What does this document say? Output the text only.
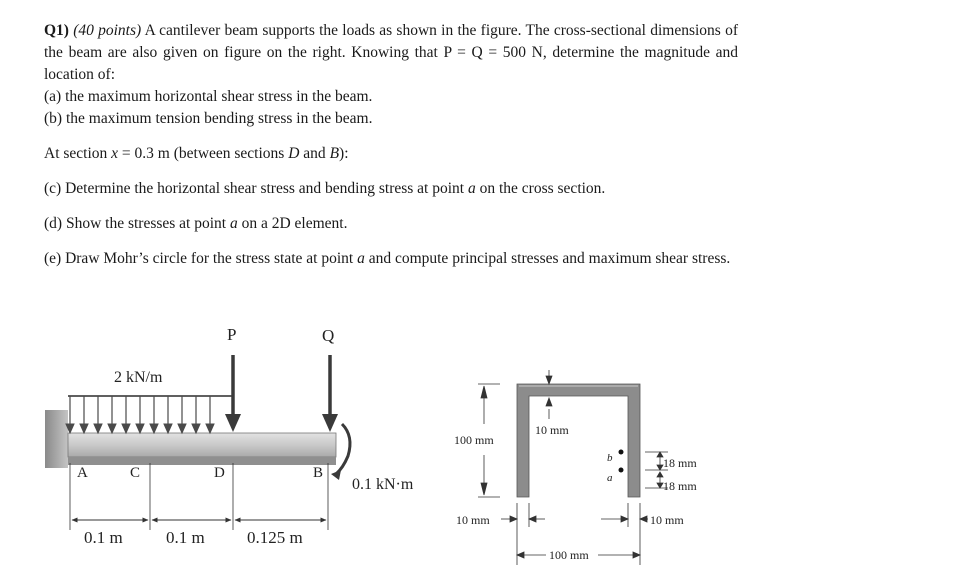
Q1) (40 points) A cantilever beam supports the loads as shown in the figure. The cross-sectional dimensions of the beam are also given on figure on the right. Knowing that P = Q = 500 N, determine the magnitude and location of:

(a) the maximum horizontal shear stress in the beam.

(b) the maximum tension bending stress in the beam.

At section x = 0.3 m (between sections D and B):

(c) Determine the horizontal shear stress and bending stress at point a on the cross section.

(d) Show the stresses at point a on a 2D element.

(e) Draw Mohr’s circle for the stress state at point a and compute principal stresses and maximum shear stress.

2 kN/m
P	Q
0.1 kN·m
A	C	D	B
0.1 m	0.1 m 0.125 m
100 mm
10 mm
b
a
18 mm
18 mm
10 mm	10 mm
100 mm
